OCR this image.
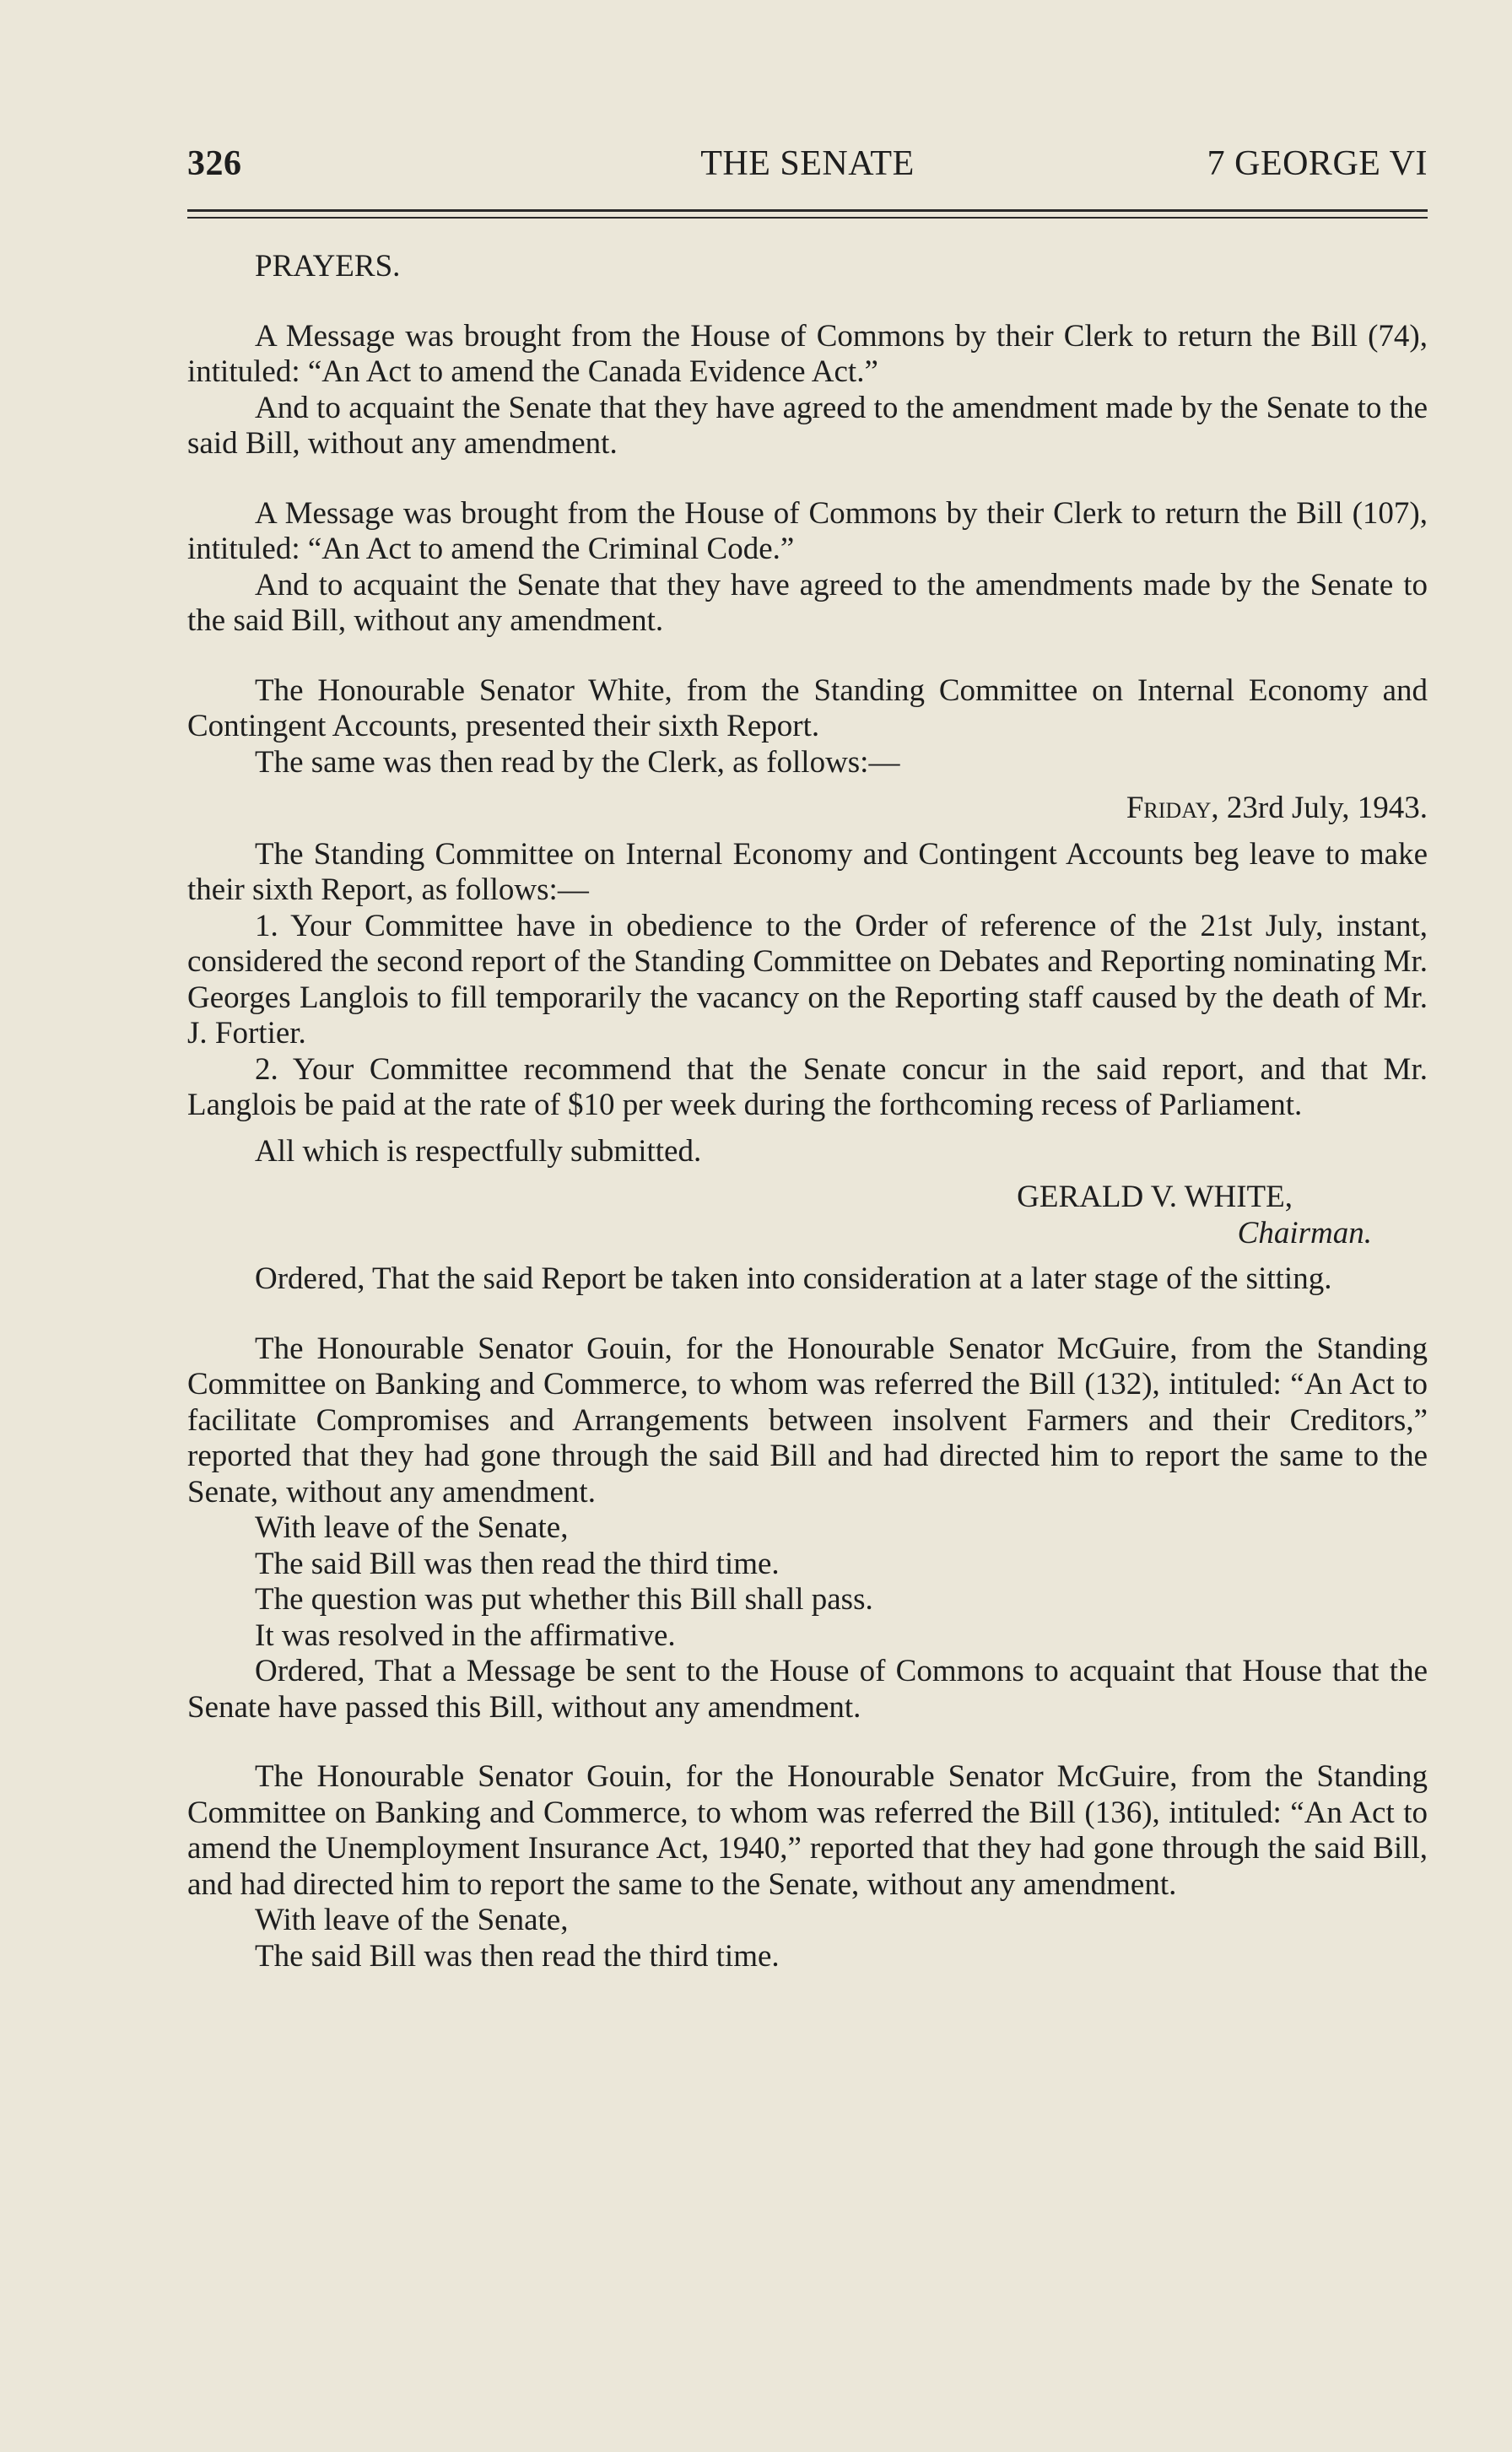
326	THE SENATE	7 GEORGE VI

PRAYERS.

A Message was brought from the House of Commons by their Clerk to return the Bill (74), intituled: “An Act to amend the Canada Evidence Act.”

And to acquaint the Senate that they have agreed to the amendment made by the Senate to the said Bill, without any amendment.

A Message was brought from the House of Commons by their Clerk to return the Bill (107), intituled: “An Act to amend the Criminal Code.”

And to acquaint the Senate that they have agreed to the amendments made by the Senate to the said Bill, without any amendment.

The Honourable Senator White, from the Standing Committee on Internal Economy and Contingent Accounts, presented their sixth Report.

The same was then read by the Clerk, as follows:—

Friday, 23rd July, 1943.

The Standing Committee on Internal Economy and Contingent Accounts beg leave to make their sixth Report, as follows:—

1. Your Committee have in obedience to the Order of reference of the 21st July, instant, considered the second report of the Standing Committee on Debates and Reporting nominating Mr. Georges Langlois to fill temporarily the vacancy on the Reporting staff caused by the death of Mr. J. Fortier.

2. Your Committee recommend that the Senate concur in the said report, and that Mr. Langlois be paid at the rate of $10 per week during the forthcoming recess of Parliament.

All which is respectfully submitted.

GERALD V. WHITE,

Chairman.

Ordered, That the said Report be taken into consideration at a later stage of the sitting.

The Honourable Senator Gouin, for the Honourable Senator McGuire, from the Standing Committee on Banking and Commerce, to whom was referred the Bill (132), intituled: “An Act to facilitate Compromises and Arrangements between insolvent Farmers and their Creditors,” reported that they had gone through the said Bill and had directed him to report the same to the Senate, without any amendment.

With leave of the Senate,

The said Bill was then read the third time.

The question was put whether this Bill shall pass.

It was resolved in the affirmative.

Ordered, That a Message be sent to the House of Commons to acquaint that House that the Senate have passed this Bill, without any amendment.

The Honourable Senator Gouin, for the Honourable Senator McGuire, from the Standing Committee on Banking and Commerce, to whom was referred the Bill (136), intituled: “An Act to amend the Unemployment Insurance Act, 1940,” reported that they had gone through the said Bill, and had directed him to report the same to the Senate, without any amendment.

With leave of the Senate,

The said Bill was then read the third time.
